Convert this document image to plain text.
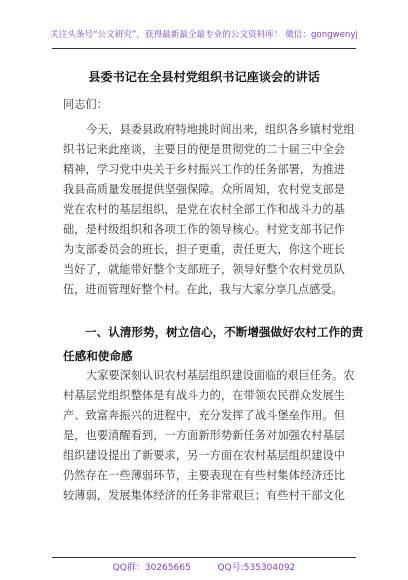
关注头条号“公文研究”，获得最新最全最专业的公文资料库！ 微信：gongwenyj
县委书记在全县村党组织书记座谈会的讲话
同志们：
今天，县委县政府特地挑时间出来，组织各乡镇村党组
织书记来此座谈，主要目的便是贯彻党的二十届三中全会
精神，学习党中央关于乡村振兴工作的任务部署，为推进
我县高质量发展提供坚强保障。众所周知，农村党支部是
党在农村的基层组织，是党在农村全部工作和战斗力的基
础，是村级组织和各项工作的领导核心。村党支部书记作
为支部委员会的班长，担子更重，责任更大，你这个班长
当好了，就能带好整个支部班子，领导好整个农村党员队
伍，进而管理好整个村。在此，我与大家分享几点感受。
一、认清形势，树立信心，不断增强做好农村工作的责
任感和使命感
大家要深刻认识农村基层组织建设面临的艰巨任务。农
村基层党组织整体是有战斗力的，在带领农民群众发展生
产、致富奔振兴的进程中，充分发挥了战斗堡垒作用。但
是，也要清醒看到，一方面新形势新任务对加强农村基层
组织建设提出了新要求，另一方面在农村基层组织建设中
仍然存在一些薄弱环节，主要表现在有些村集体经济还比
较薄弱，发展集体经济的任务非常艰巨；有些村干部文化
QQ群：30265665	QQ号:535304092
